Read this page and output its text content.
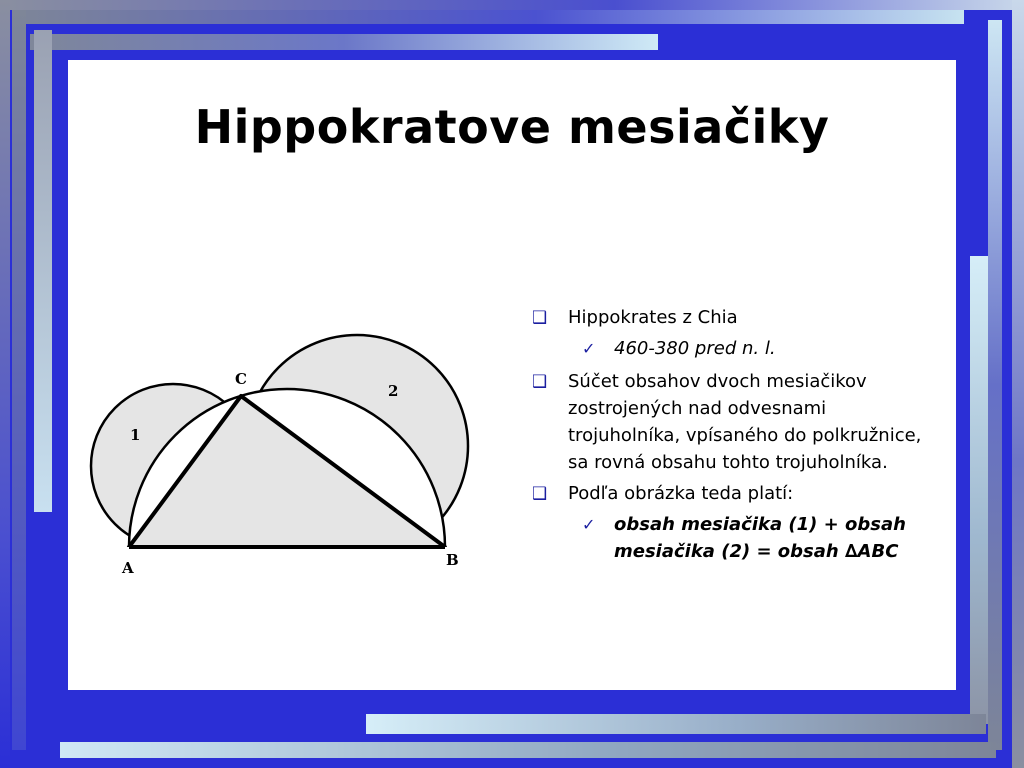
Hippokratove mesiačiky
C
A	B
1
2
❑ Hippokrates z Chia
✓ 460-380 pred n. l.
❑ Súčet obsahov dvoch mesiačikov zostrojených nad odvesnami trojuholníka, vpísaného do polkružnice, sa rovná obsahu tohto trojuholníka.
❑ Podľa obrázka teda platí:
✓ obsah mesiačika (1) + obsah mesiačika (2) = obsah ∆ABC
